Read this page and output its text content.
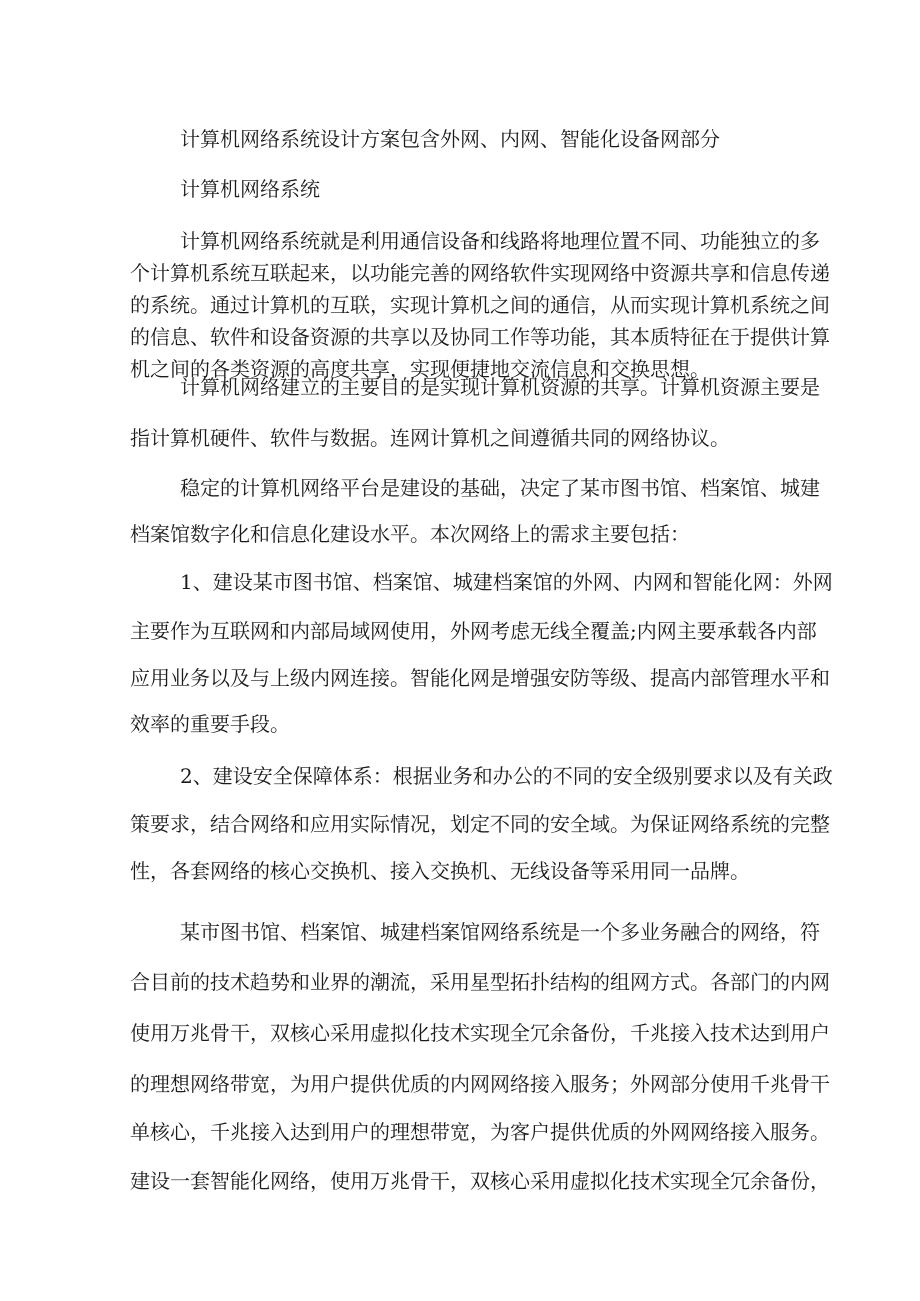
计算机网络系统设计方案包含外网、内网、智能化设备网部分
计算机网络系统
计算机网络系统就是利用通信设备和线路将地理位置不同、功能独立的多
个计算机系统互联起来，以功能完善的网络软件实现网络中资源共享和信息传递
的系统。通过计算机的互联，实现计算机之间的通信，从而实现计算机系统之间
的信息、软件和设备资源的共享以及协同工作等功能，其本质特征在于提供计算
机之间的各类资源的高度共享，实现便捷地交流信息和交换思想。
计算机网络建立的主要目的是实现计算机资源的共享。计算机资源主要是
指计算机硬件、软件与数据。连网计算机之间遵循共同的网络协议。
稳定的计算机网络平台是建设的基础，决定了某市图书馆、档案馆、城建
档案馆数字化和信息化建设水平。本次网络上的需求主要包括：
1、建设某市图书馆、档案馆、城建档案馆的外网、内网和智能化网：外网
主要作为互联网和内部局域网使用，外网考虑无线全覆盖;内网主要承载各内部
应用业务以及与上级内网连接。智能化网是增强安防等级、提高内部管理水平和
效率的重要手段。
2、建设安全保障体系：根据业务和办公的不同的安全级别要求以及有关政
策要求，结合网络和应用实际情况，划定不同的安全域。为保证网络系统的完整
性，各套网络的核心交换机、接入交换机、无线设备等采用同一品牌。
某市图书馆、档案馆、城建档案馆网络系统是一个多业务融合的网络，符
合目前的技术趋势和业界的潮流，采用星型拓扑结构的组网方式。各部门的内网
使用万兆骨干，双核心采用虚拟化技术实现全冗余备份，千兆接入技术达到用户
的理想网络带宽，为用户提供优质的内网网络接入服务；外网部分使用千兆骨干
单核心，千兆接入达到用户的理想带宽，为客户提供优质的外网网络接入服务。
建设一套智能化网络，使用万兆骨干，双核心采用虚拟化技术实现全冗余备份，
